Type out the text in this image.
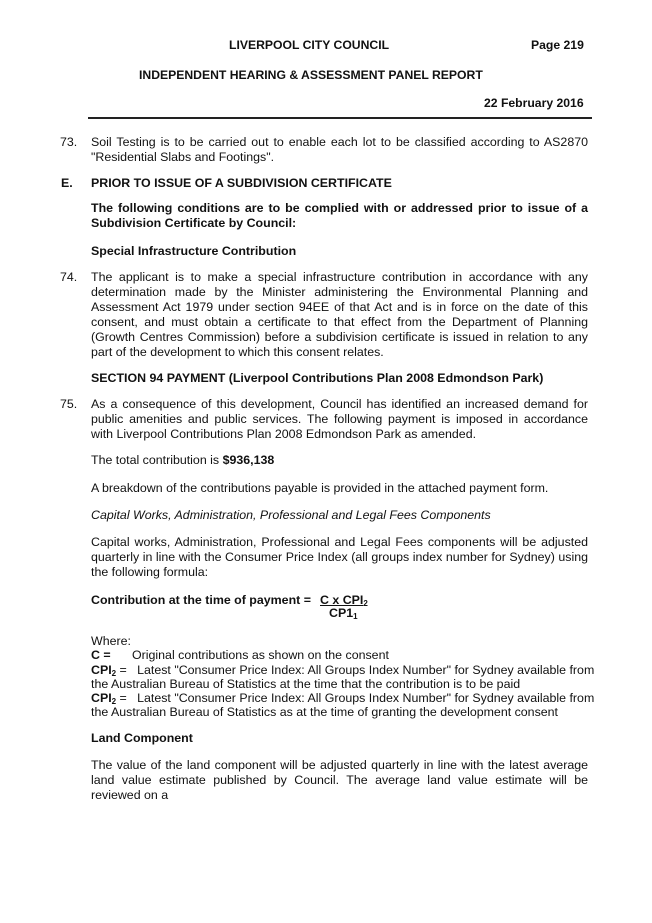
LIVERPOOL CITY COUNCIL	Page 219
INDEPENDENT HEARING & ASSESSMENT PANEL REPORT
22 February 2016
73. Soil Testing is to be carried out to enable each lot to be classified according to AS2870 "Residential Slabs and Footings".
E. PRIOR TO ISSUE OF A SUBDIVISION CERTIFICATE
The following conditions are to be complied with or addressed prior to issue of a Subdivision Certificate by Council:
Special Infrastructure Contribution
74. The applicant is to make a special infrastructure contribution in accordance with any determination made by the Minister administering the Environmental Planning and Assessment Act 1979 under section 94EE of that Act and is in force on the date of this consent, and must obtain a certificate to that effect from the Department of Planning (Growth Centres Commission) before a subdivision certificate is issued in relation to any part of the development to which this consent relates.
SECTION 94 PAYMENT (Liverpool Contributions Plan 2008 Edmondson Park)
75. As a consequence of this development, Council has identified an increased demand for public amenities and public services. The following payment is imposed in accordance with Liverpool Contributions Plan 2008 Edmondson Park as amended.
The total contribution is $936,138
A breakdown of the contributions payable is provided in the attached payment form.
Capital Works, Administration, Professional and Legal Fees Components
Capital works, Administration, Professional and Legal Fees components will be adjusted quarterly in line with the Consumer Price Index (all groups index number for Sydney) using the following formula:
Contribution at the time of payment = C x $CPI_2$
$CP1_1$
Where:
C = Original contributions as shown on the consent
$CPI_2$ = Latest "Consumer Price Index: All Groups Index Number" for Sydney available from
the Australian Bureau of Statistics at the time that the contribution is to be paid
$CPI_2$ = Latest "Consumer Price Index: All Groups Index Number" for Sydney available from
the Australian Bureau of Statistics as at the time of granting the development consent
Land Component
The value of the land component will be adjusted quarterly in line with the latest average land value estimate published by Council. The average land value estimate will be reviewed on a
